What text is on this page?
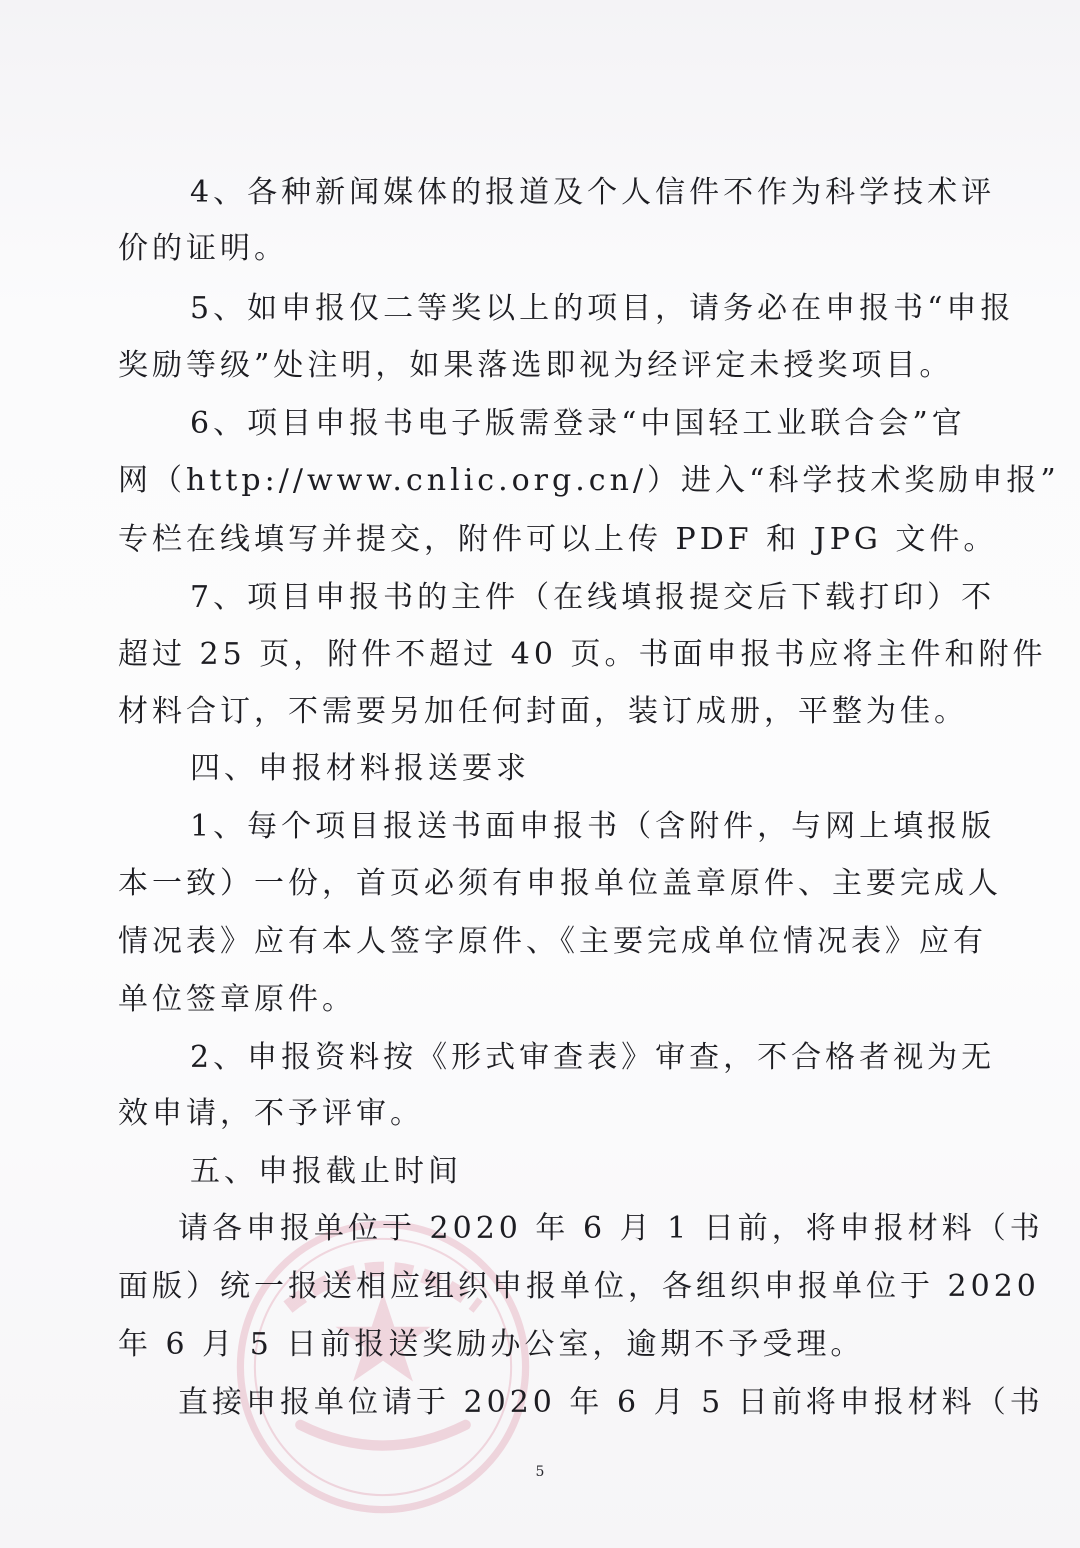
4、各种新闻媒体的报道及个人信件不作为科学技术评
价的证明。
5、如申报仅二等奖以上的项目，请务必在申报书“申报
奖励等级”处注明，如果落选即视为经评定未授奖项目。
6、项目申报书电子版需登录“中国轻工业联合会”官
网（http://www.cnlic.org.cn/）进入“科学技术奖励申报”
专栏在线填写并提交，附件可以上传 PDF 和 JPG 文件。
7、项目申报书的主件（在线填报提交后下载打印）不
超过 25 页，附件不超过 40 页。书面申报书应将主件和附件
材料合订，不需要另加任何封面，装订成册，平整为佳。
四、申报材料报送要求
1、每个项目报送书面申报书（含附件，与网上填报版
本一致）一份，首页必须有申报单位盖章原件、主要完成人
情况表》应有本人签字原件、《主要完成单位情况表》应有
单位签章原件。
2、申报资料按《形式审查表》审查，不合格者视为无
效申请，不予评审。
五、申报截止时间
请各申报单位于 2020 年 6 月 1 日前，将申报材料（书
面版）统一报送相应组织申报单位，各组织申报单位于 2020
年 6 月 5 日前报送奖励办公室，逾期不予受理。
直接申报单位请于 2020 年 6 月 5 日前将申报材料（书
5
